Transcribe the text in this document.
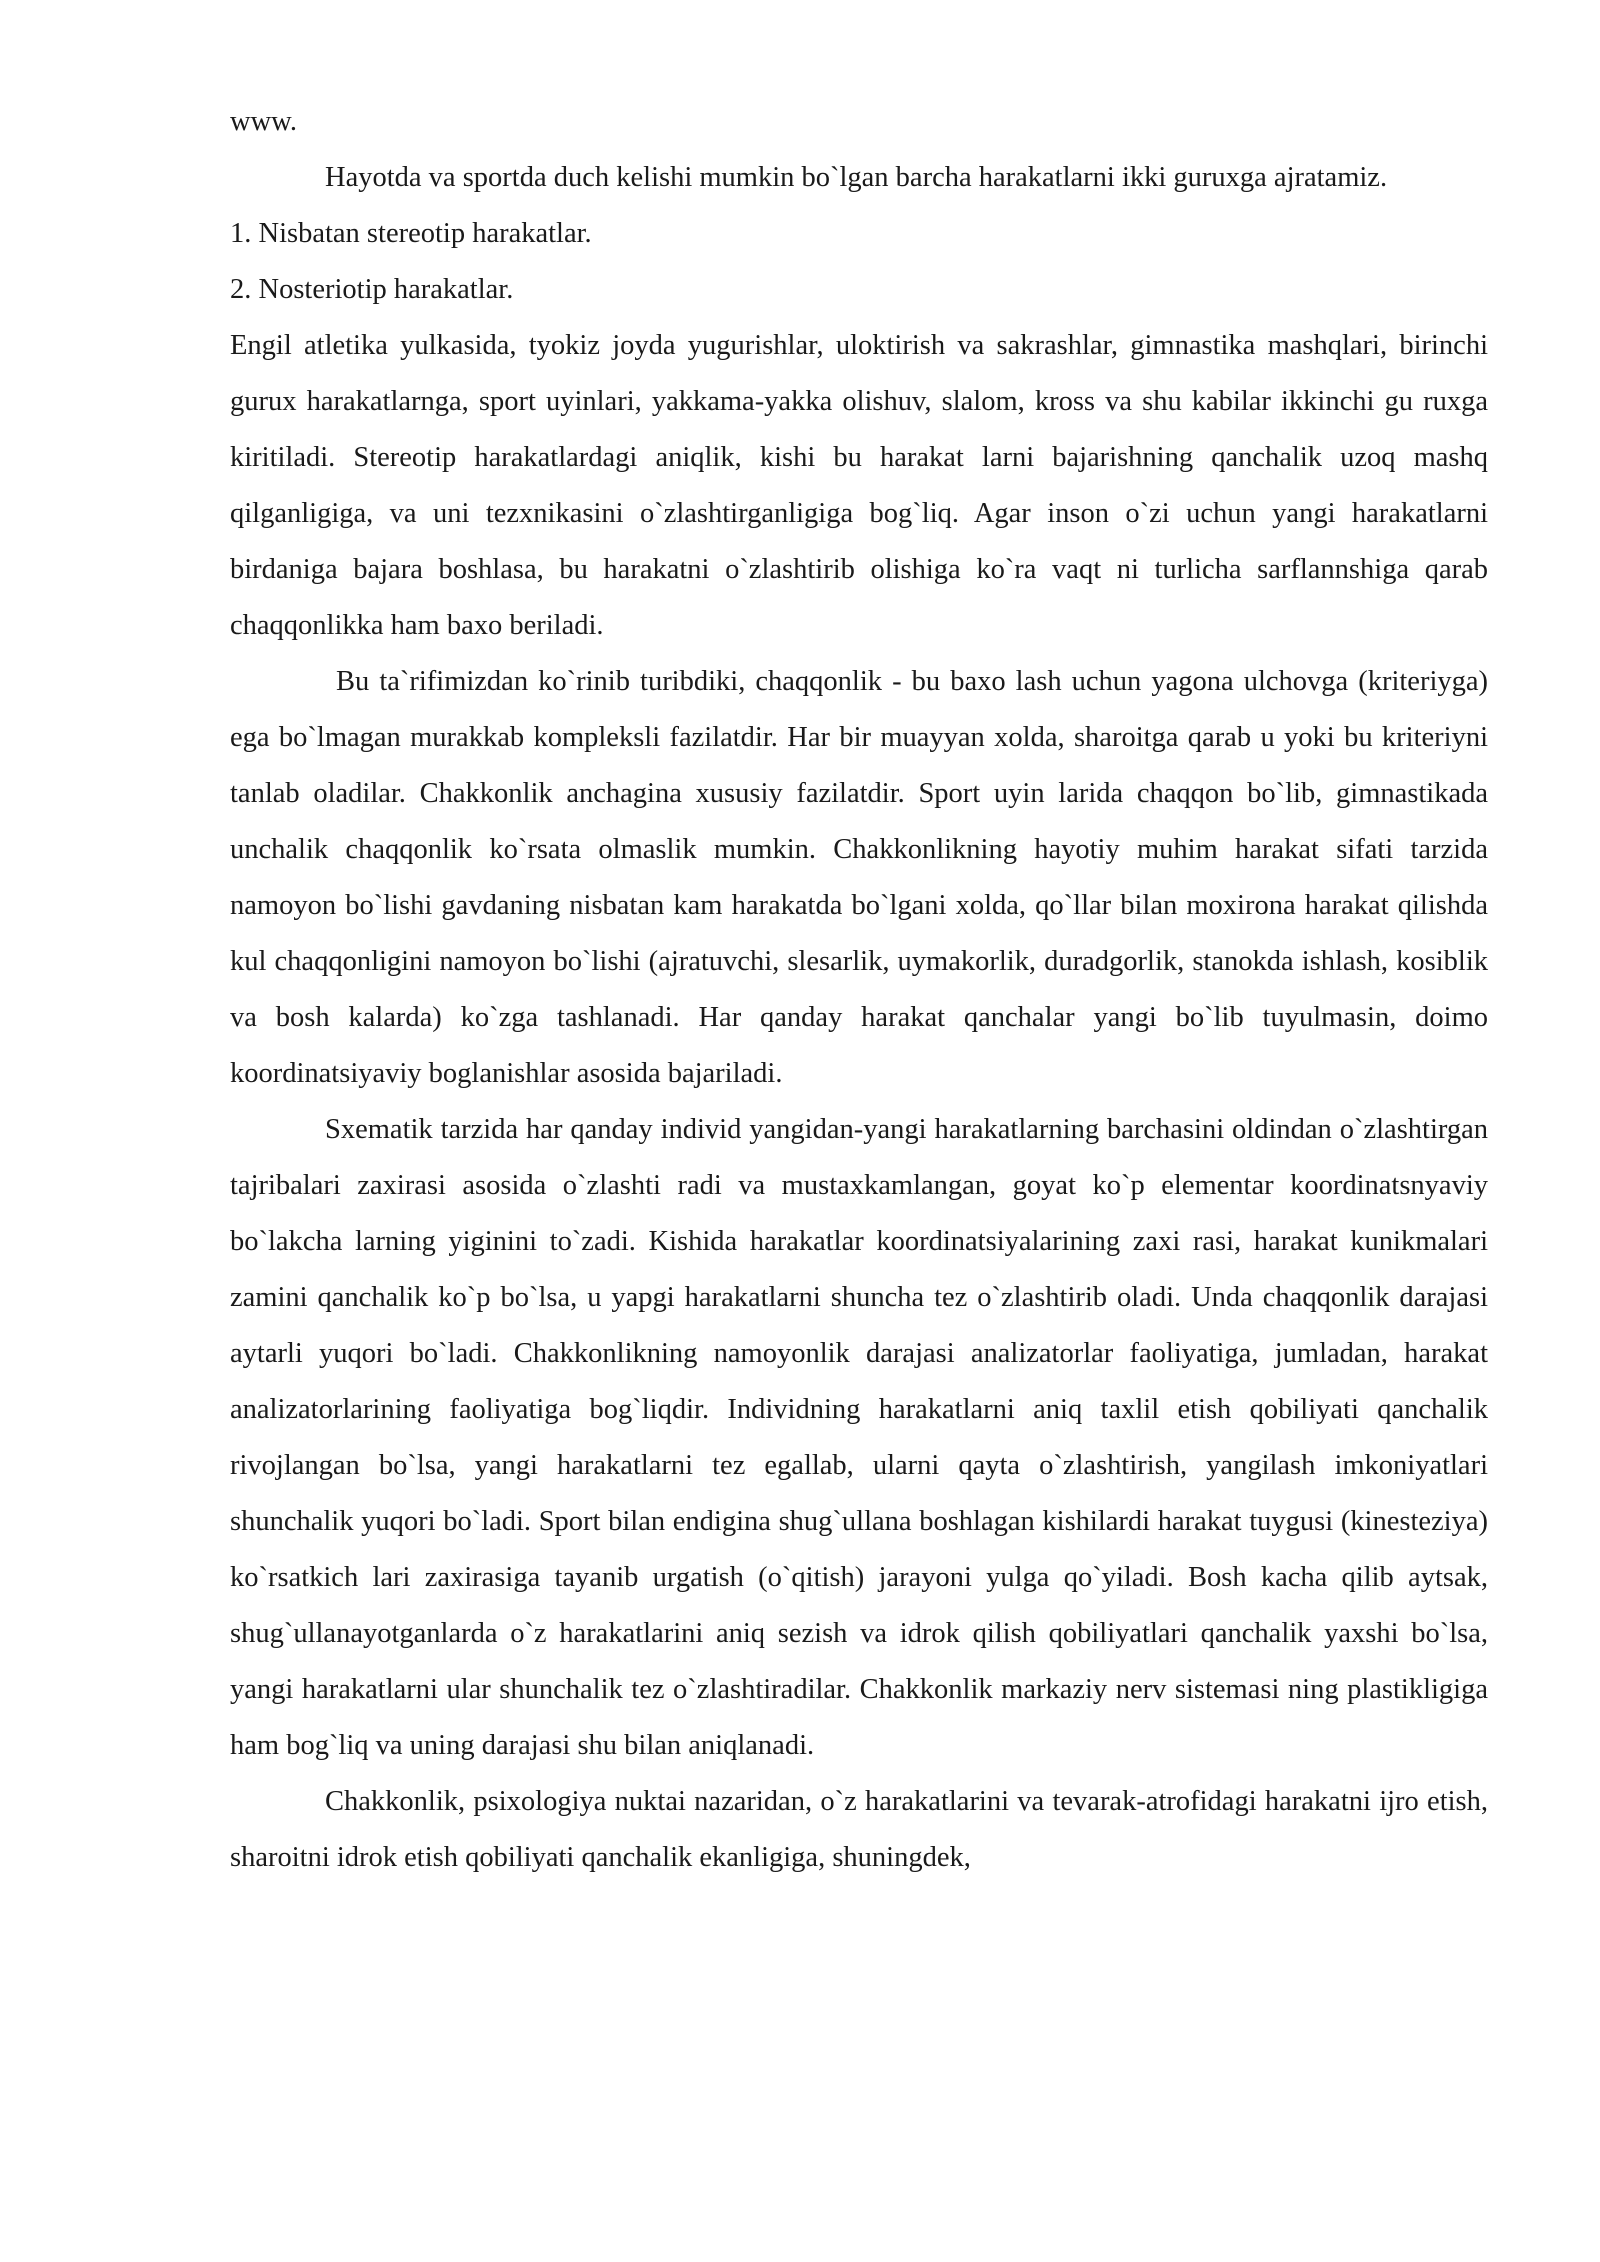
www.

Hayotda va sportda duch kelishi mumkin bo`lgan barcha harakatlarni ikki guruxga ajratamiz.

1. Nisbatan stereotip harakatlar.

2. Nosteriotip harakatlar.

Engil atletika yulkasida, tyokiz joyda yugurishlar, uloktirish va sakrashlar, gimnastika mashqlari, birinchi gurux harakatlarnga, sport uyinlari, yakkama-yakka olishuv, slalom, kross va shu kabilar ikkinchi gu ruxga kiritiladi. Stereotip harakatlardagi aniqlik, kishi bu harakat larni bajarishning qanchalik uzoq mashq qilganligiga, va uni tezxnikasini o`zlashtirganligiga bog`liq. Agar inson o`zi uchun yangi harakatlarni birdaniga bajara boshlasa, bu harakatni o`zlashtirib olishiga ko`ra vaqt ni turlicha sarflannshiga qarab chaqqonlikka ham baxo beriladi.

Bu ta`rifimizdan ko`rinib turibdiki, chaqqonlik - bu baxo lash uchun yagona ulchovga (kriteriyga) ega bo`lmagan murakkab kompleksli fazilatdir. Har bir muayyan xolda, sharoitga qarab u yoki bu kriteriyni tanlab oladilar. Chakkonlik anchagina xususiy fazilatdir. Sport uyin larida chaqqon bo`lib, gimnastikada unchalik chaqqonlik ko`rsata olmaslik mumkin. Chakkonlikning hayotiy muhim harakat sifati tarzida namoyon bo`lishi gavdaning nisbatan kam harakatda bo`lgani xolda, qo`llar bilan moxirona harakat qilishda kul chaqqonligini namoyon bo`lishi (ajratuvchi, slesarlik, uymakorlik, duradgorlik, stanokda ishlash, kosiblik va bosh kalarda) ko`zga tashlanadi. Har qanday harakat qanchalar yangi bo`lib tuyulmasin, doimo koordinatsiyaviy boglanishlar asosida bajariladi.

Sxematik tarzida har qanday individ yangidan-yangi harakatlarning barchasini oldindan o`zlashtirgan tajribalari zaxirasi asosida o`zlashti radi va mustaxkamlangan, goyat ko`p elementar koordinatsnyaviy bo`lakcha larning yiginini to`zadi. Kishida harakatlar koordinatsiyalarining zaxi rasi, harakat kunikmalari zamini qanchalik ko`p bo`lsa, u yapgi harakatlarni shuncha tez o`zlashtirib oladi. Unda chaqqonlik darajasi aytarli yuqori bo`ladi. Chakkonlikning namoyonlik darajasi analizatorlar faoliyatiga, jumladan, harakat analizatorlarining faoliyatiga bog`liqdir. Individning harakatlarni aniq taxlil etish qobiliyati qanchalik rivojlangan bo`lsa, yangi harakatlarni tez egallab, ularni qayta o`zlashtirish, yangilash imkoniyatlari shunchalik yuqori bo`ladi. Sport bilan endigina shug`ullana boshlagan kishilardi harakat tuygusi (kinesteziya) ko`rsatkich lari zaxirasiga tayanib urgatish (o`qitish) jarayoni yulga qo`yiladi. Bosh kacha qilib aytsak, shug`ullanayotganlarda o`z harakatlarini aniq sezish va idrok qilish qobiliyatlari qanchalik yaxshi bo`lsa, yangi harakatlarni ular shunchalik tez o`zlashtiradilar. Chakkonlik markaziy nerv sistemasi ning plastikligiga ham bog`liq va uning darajasi shu bilan aniqlanadi.

Chakkonlik, psixologiya nuktai nazaridan, o`z harakatlarini va tevarak-atrofidagi harakatni ijro etish, sharoitni idrok etish qobiliyati qanchalik ekanligiga, shuningdek,
